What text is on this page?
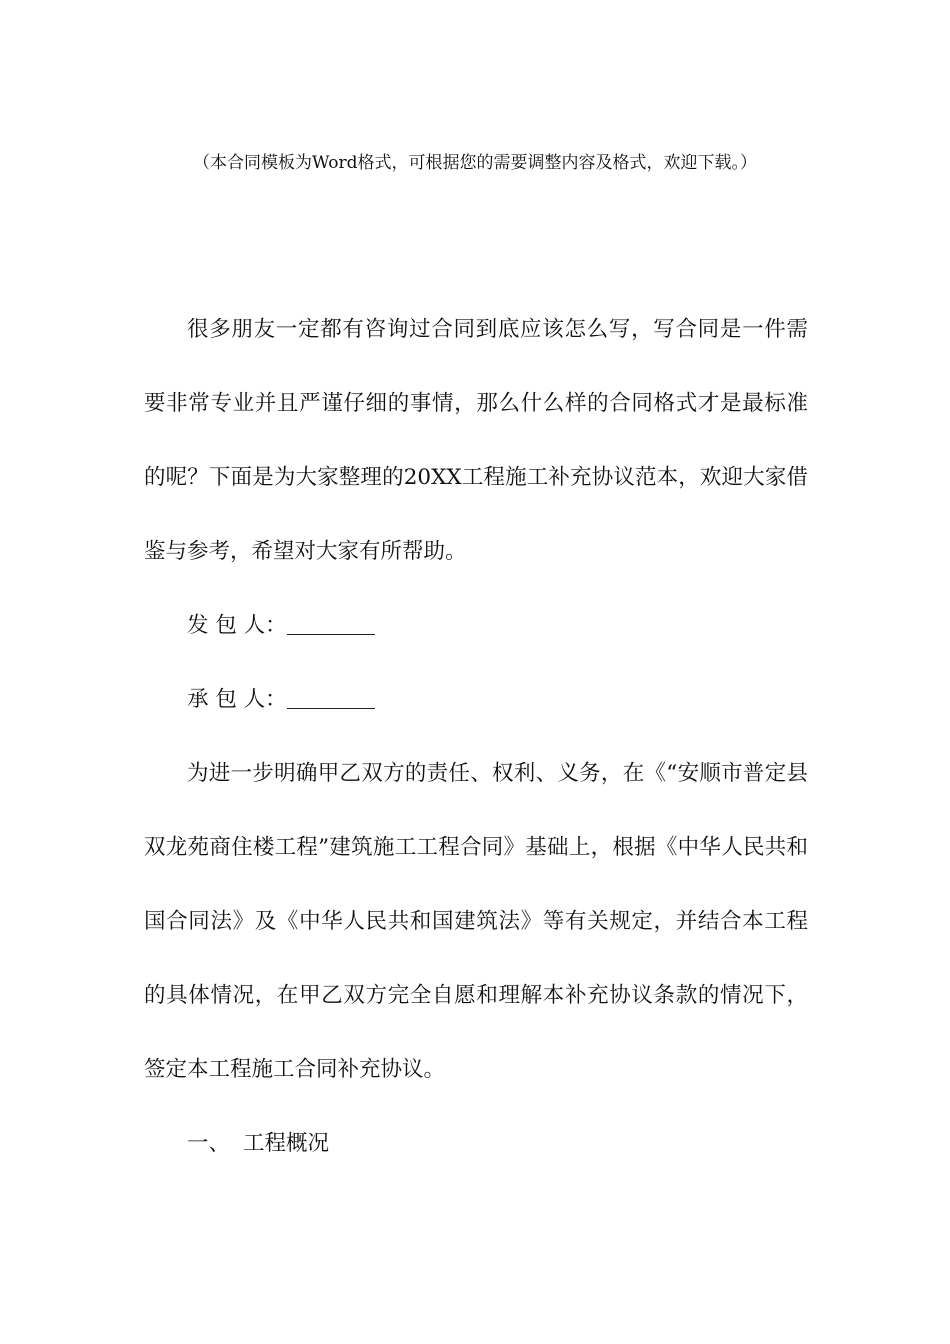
（本合同模板为Word格式，可根据您的需要调整内容及格式，欢迎下载。）

很多朋友一定都有咨询过合同到底应该怎么写，写合同是一件需要非常专业并且严谨仔细的事情，那么什么样的合同格式才是最标准的呢？下面是为大家整理的20XX工程施工补充协议范本，欢迎大家借鉴与参考，希望对大家有所帮助。

发 包 人：

承 包 人：

为进一步明确甲乙双方的责任、权利、义务，在《“安顺市普定县双龙苑商住楼工程”建筑施工工程合同》基础上，根据《中华人民共和国合同法》及《中华人民共和国建筑法》等有关规定，并结合本工程的具体情况，在甲乙双方完全自愿和理解本补充协议条款的情况下，签定本工程施工合同补充协议。

一、 工程概况
